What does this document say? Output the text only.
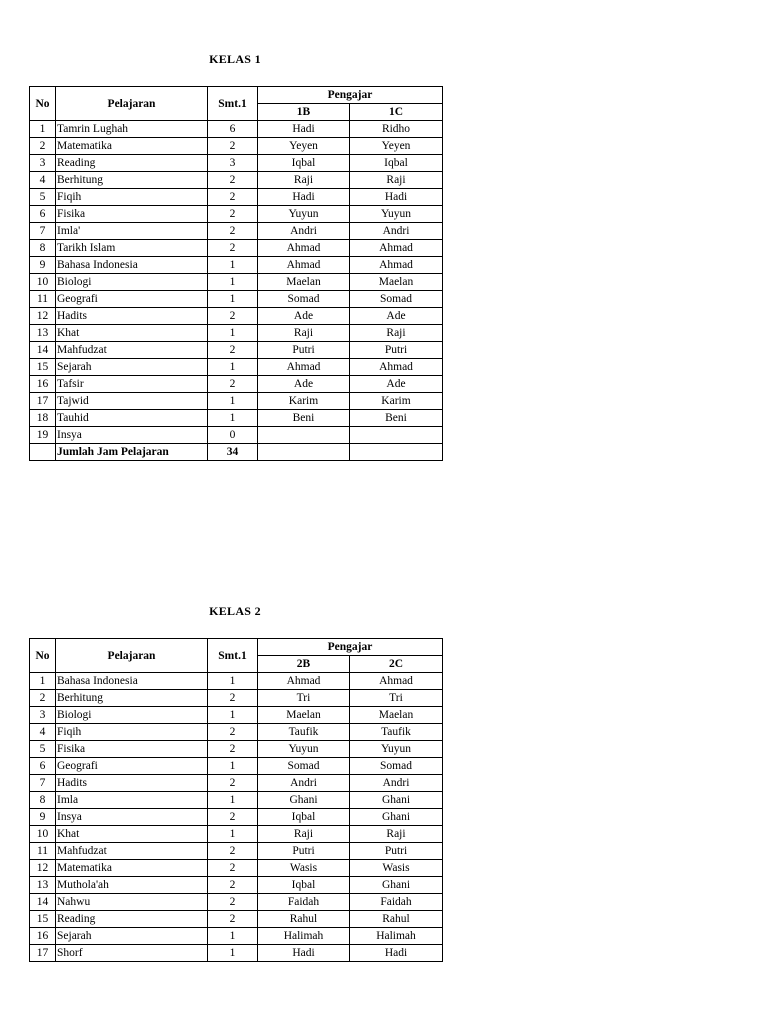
KELAS 1
No	Pelajaran	Smt.1	Pengajar	
			1B	1C
1	Tamrin Lughah	6	Hadi	Ridho
2	Matematika	2	Yeyen	Yeyen
3	Reading	3	Iqbal	Iqbal
4	Berhitung	2	Raji	Raji
5	Fiqih	2	Hadi	Hadi
6	Fisika	2	Yuyun	Yuyun
7	Imla'	2	Andri	Andri
8	Tarikh Islam	2	Ahmad	Ahmad
9	Bahasa Indonesia	1	Ahmad	Ahmad
10	Biologi	1	Maelan	Maelan
11	Geografi	1	Somad	Somad
12	Hadits	2	Ade	Ade
13	Khat	1	Raji	Raji
14	Mahfudzat	2	Putri	Putri
15	Sejarah	1	Ahmad	Ahmad
16	Tafsir	2	Ade	Ade
17	Tajwid	1	Karim	Karim
18	Tauhid	1	Beni	Beni
19	Insya	0		
	Jumlah Jam Pelajaran	34		
KELAS 2
No	Pelajaran	Smt.1	Pengajar	
			2B	2C
1	Bahasa Indonesia	1	Ahmad	Ahmad
2	Berhitung	2	Tri	Tri
3	Biologi	1	Maelan	Maelan
4	Fiqih	2	Taufik	Taufik
5	Fisika	2	Yuyun	Yuyun
6	Geografi	1	Somad	Somad
7	Hadits	2	Andri	Andri
8	Imla	1	Ghani	Ghani
9	Insya	2	Iqbal	Ghani
10	Khat	1	Raji	Raji
11	Mahfudzat	2	Putri	Putri
12	Matematika	2	Wasis	Wasis
13	Muthola'ah	2	Iqbal	Ghani
14	Nahwu	2	Faidah	Faidah
15	Reading	2	Rahul	Rahul
16	Sejarah	1	Halimah	Halimah
17	Shorf	1	Hadi	Hadi
